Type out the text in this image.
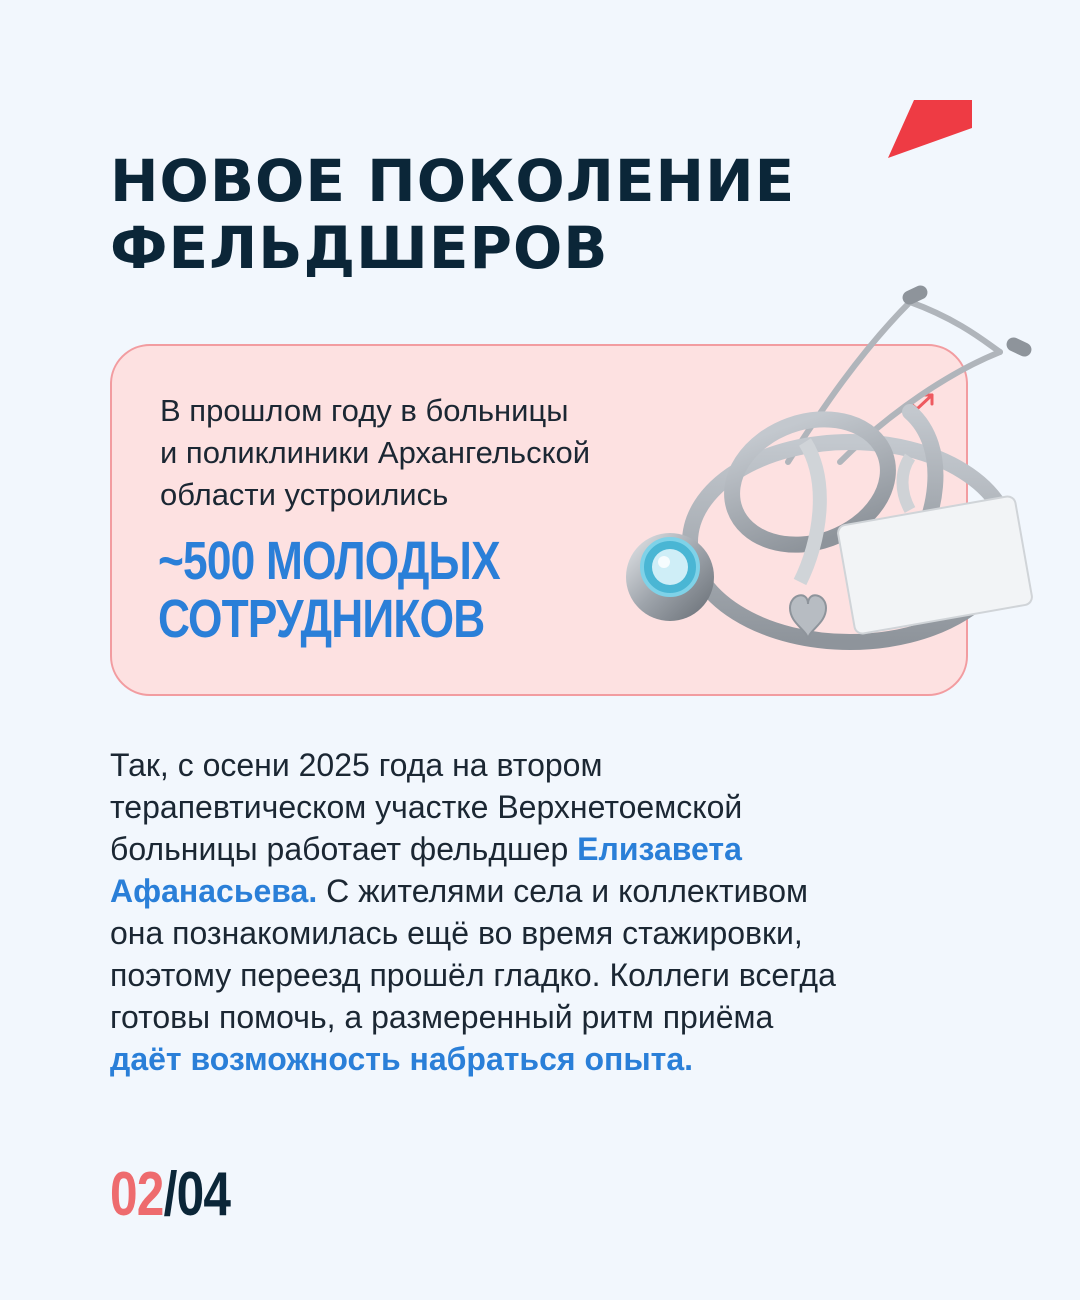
НОВОЕ ПОКОЛЕНИЕ
ФЕЛЬДШЕРОВ

В прошлом году в больницы
и поликлиники Архангельской
области устроились

~500 МОЛОДЫХ
СОТРУДНИКОВ

Так, с осени 2025 года на втором
терапевтическом участке Верхнетоемской
больницы работает фельдшер Елизавета
Афанасьева. С жителями села и коллективом
она познакомилась ещё во время стажировки,
поэтому переезд прошёл гладко. Коллеги всегда
готовы помочь, а размеренный ритм приёма
даёт возможность набраться опыта.

02/04
